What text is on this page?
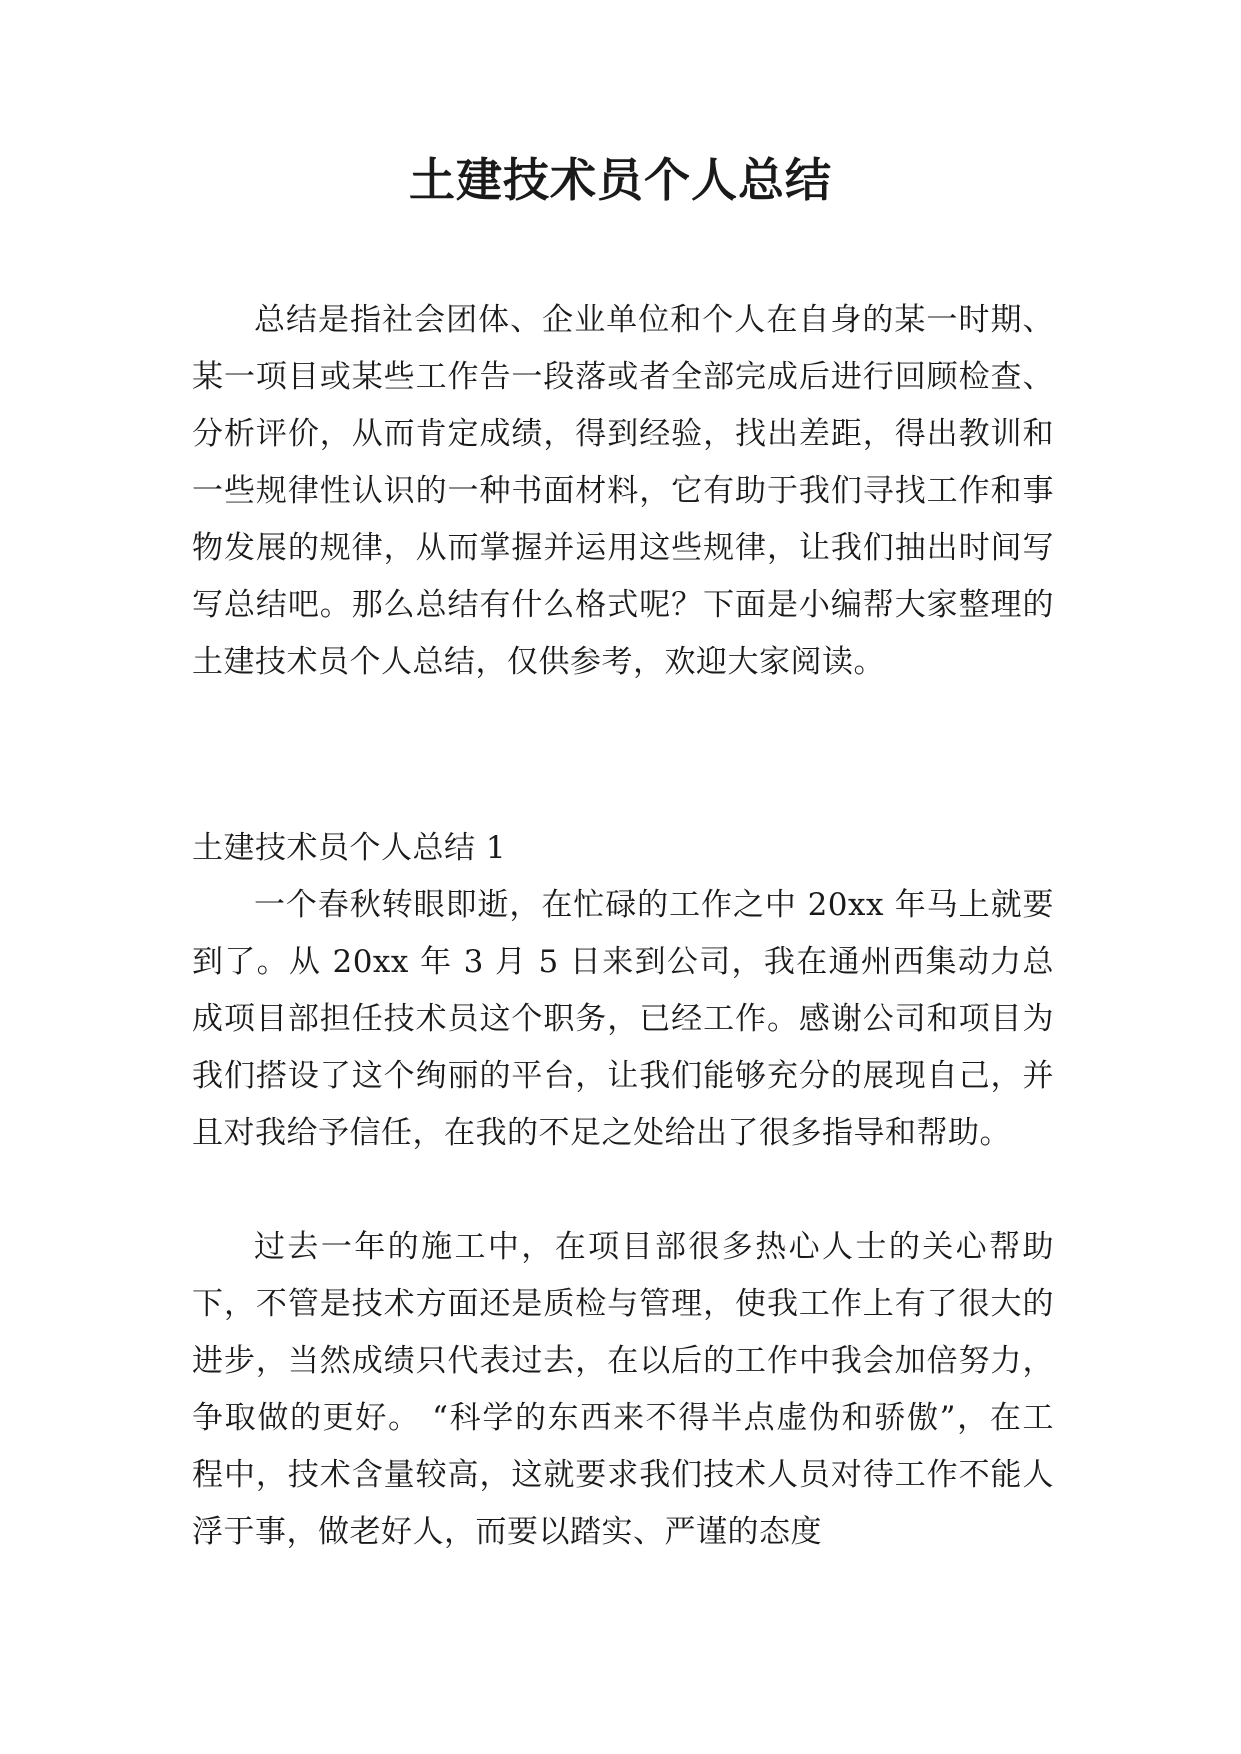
土建技术员个人总结

总结是指社会团体、企业单位和个人在自身的某一时期、某一项目或某些工作告一段落或者全部完成后进行回顾检查、分析评价，从而肯定成绩，得到经验，找出差距，得出教训和一些规律性认识的一种书面材料，它有助于我们寻找工作和事物发展的规律，从而掌握并运用这些规律，让我们抽出时间写写总结吧。那么总结有什么格式呢？下面是小编帮大家整理的土建技术员个人总结，仅供参考，欢迎大家阅读。

土建技术员个人总结 1

一个春秋转眼即逝，在忙碌的工作之中 20xx 年马上就要到了。从 20xx 年 3 月 5 日来到公司，我在通州西集动力总成项目部担任技术员这个职务，已经工作。感谢公司和项目为我们搭设了这个绚丽的平台，让我们能够充分的展现自己，并且对我给予信任，在我的不足之处给出了很多指导和帮助。

过去一年的施工中，在项目部很多热心人士的关心帮助下，不管是技术方面还是质检与管理，使我工作上有了很大的进步，当然成绩只代表过去，在以后的工作中我会加倍努力，争取做的更好。 “科学的东西来不得半点虚伪和骄傲”，在工程中，技术含量较高，这就要求我们技术人员对待工作不能人浮于事，做老好人，而要以踏实、严谨的态度
